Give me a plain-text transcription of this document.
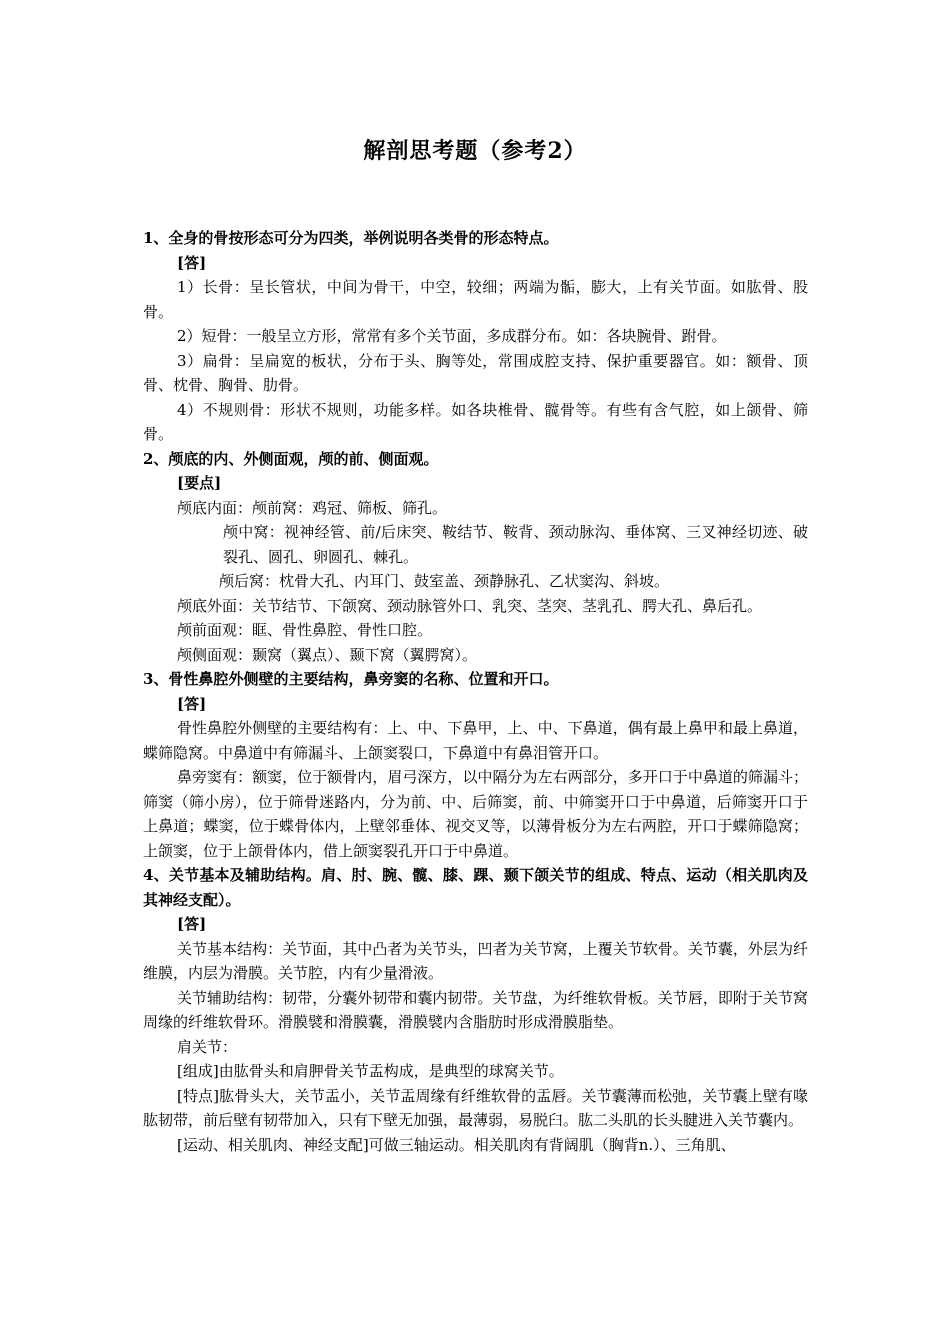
解剖思考题（参考2）

1、全身的骨按形态可分为四类，举例说明各类骨的形态特点。

[答]

1）长骨：呈长管状，中间为骨干，中空，较细；两端为骺，膨大，上有关节面。如肱骨、股骨。

2）短骨：一般呈立方形，常常有多个关节面，多成群分布。如：各块腕骨、跗骨。

3）扁骨：呈扁宽的板状，分布于头、胸等处，常围成腔支持、保护重要器官。如：额骨、顶骨、枕骨、胸骨、肋骨。

4）不规则骨：形状不规则，功能多样。如各块椎骨、髋骨等。有些有含气腔，如上颌骨、筛骨。

2、颅底的内、外侧面观，颅的前、侧面观。

[要点]

颅底内面：颅前窝：鸡冠、筛板、筛孔。

颅中窝：视神经管、前/后床突、鞍结节、鞍背、颈动脉沟、垂体窝、三叉神经切迹、破裂孔、圆孔、卵圆孔、棘孔。

颅后窝：枕骨大孔、内耳门、鼓室盖、颈静脉孔、乙状窦沟、斜坡。

颅底外面：关节结节、下颌窝、颈动脉管外口、乳突、茎突、茎乳孔、腭大孔、鼻后孔。

颅前面观：眶、骨性鼻腔、骨性口腔。

颅侧面观：颞窝（翼点）、颞下窝（翼腭窝）。

3、骨性鼻腔外侧壁的主要结构，鼻旁窦的名称、位置和开口。

[答]

骨性鼻腔外侧壁的主要结构有：上、中、下鼻甲，上、中、下鼻道，偶有最上鼻甲和最上鼻道，蝶筛隐窝。中鼻道中有筛漏斗、上颌窦裂口，下鼻道中有鼻泪管开口。

鼻旁窦有：额窦，位于额骨内，眉弓深方，以中隔分为左右两部分，多开口于中鼻道的筛漏斗；筛窦（筛小房），位于筛骨迷路内，分为前、中、后筛窦，前、中筛窦开口于中鼻道，后筛窦开口于上鼻道；蝶窦，位于蝶骨体内，上壁邻垂体、视交叉等，以薄骨板分为左右两腔，开口于蝶筛隐窝；上颌窦，位于上颌骨体内，借上颌窦裂孔开口于中鼻道。

4、关节基本及辅助结构。肩、肘、腕、髋、膝、踝、颞下颌关节的组成、特点、运动（相关肌肉及其神经支配）。

[答]

关节基本结构：关节面，其中凸者为关节头，凹者为关节窝，上覆关节软骨。关节囊，外层为纤维膜，内层为滑膜。关节腔，内有少量滑液。

关节辅助结构：韧带，分囊外韧带和囊内韧带。关节盘，为纤维软骨板。关节唇，即附于关节窝周缘的纤维软骨环。滑膜襞和滑膜囊，滑膜襞内含脂肪时形成滑膜脂垫。

肩关节：

[组成]由肱骨头和肩胛骨关节盂构成，是典型的球窝关节。

[特点]肱骨头大，关节盂小，关节盂周缘有纤维软骨的盂唇。关节囊薄而松弛，关节囊上壁有喙肱韧带，前后壁有韧带加入，只有下壁无加强，最薄弱，易脱臼。肱二头肌的长头腱进入关节囊内。

[运动、相关肌肉、神经支配]可做三轴运动。相关肌肉有背阔肌（胸背n.）、三角肌、
